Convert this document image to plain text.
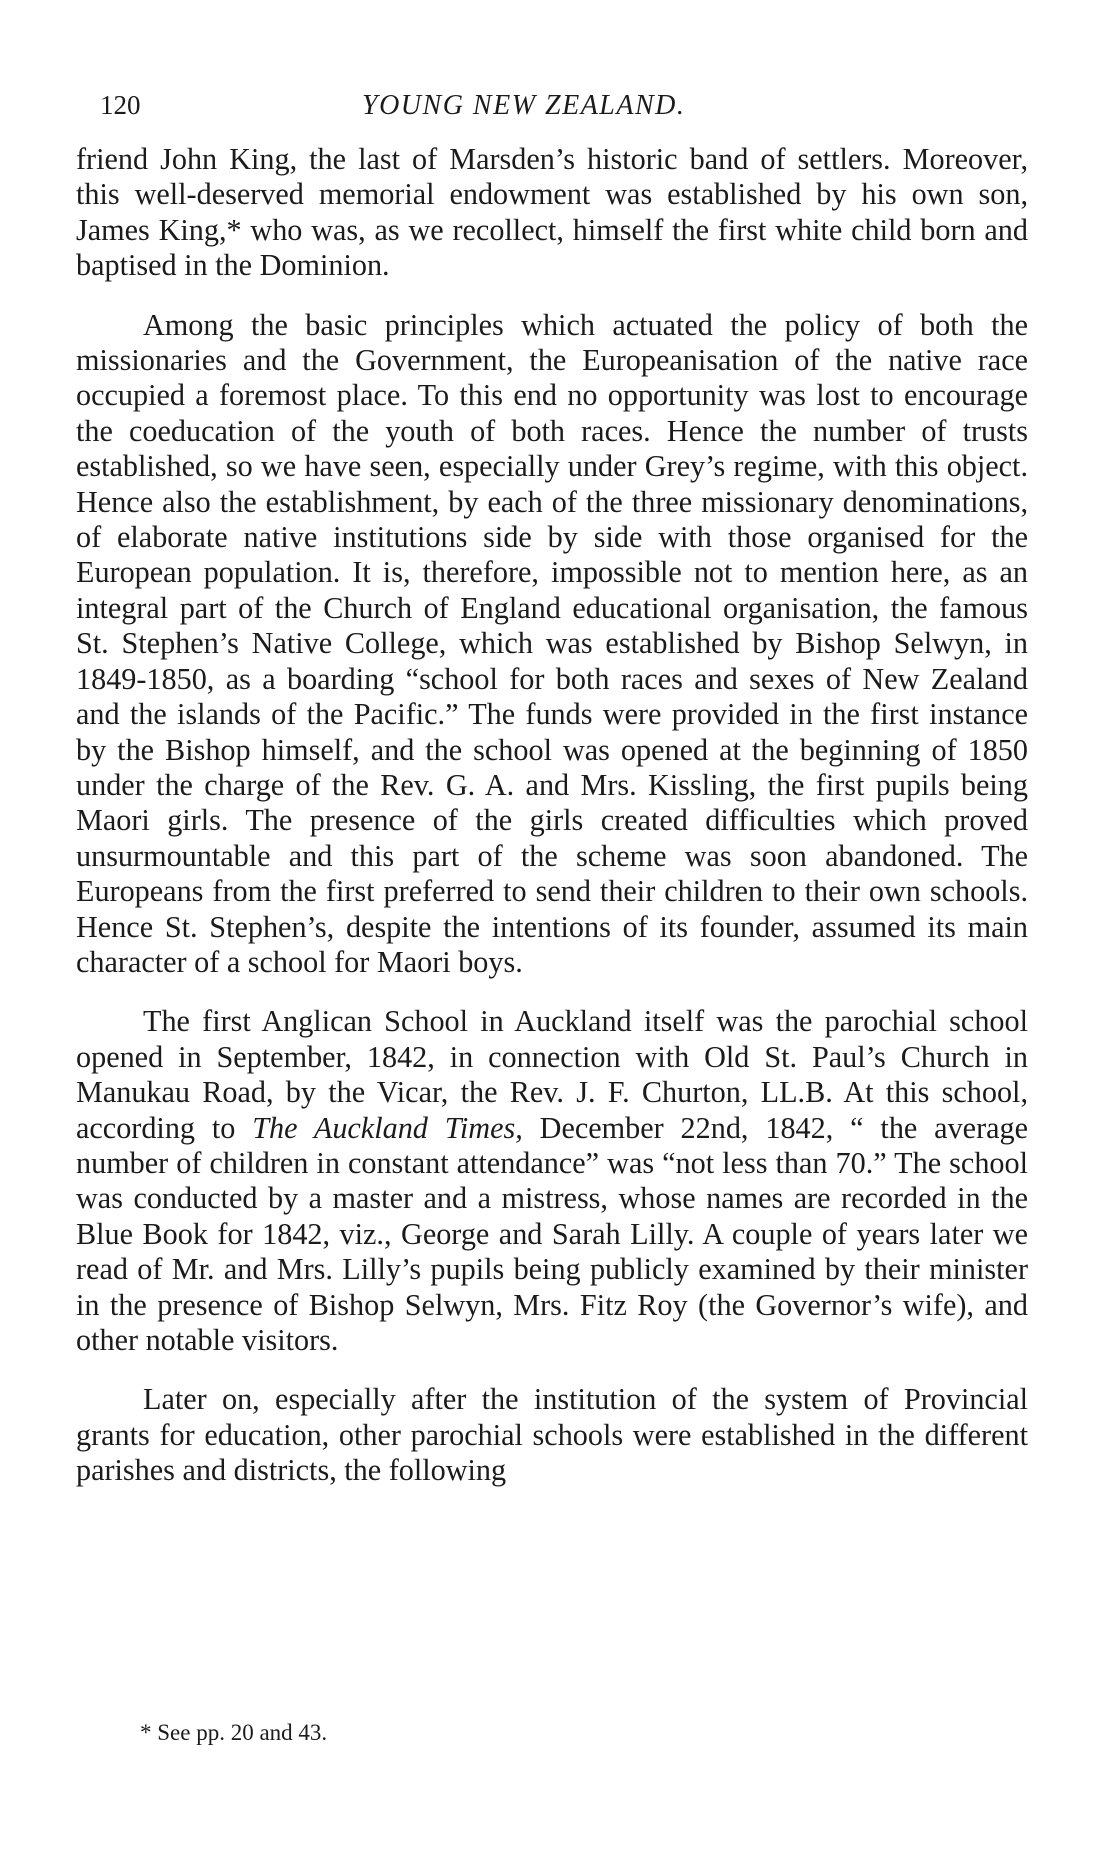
120	YOUNG NEW ZEALAND.

friend John King, the last of Marsden’s historic band of settlers. Moreover, this well-deserved memorial endowment was established by his own son, James King,* who was, as we recollect, himself the first white child born and baptised in the Dominion.

Among the basic principles which actuated the policy of both the missionaries and the Government, the Europeanisation of the native race occupied a foremost place. To this end no opportunity was lost to encourage the coeducation of the youth of both races. Hence the number of trusts established, so we have seen, especially under Grey’s regime, with this object. Hence also the establishment, by each of the three missionary denominations, of elaborate native institutions side by side with those organised for the European population. It is, therefore, impossible not to mention here, as an integral part of the Church of England educational organisation, the famous St. Stephen’s Native College, which was established by Bishop Selwyn, in 1849-1850, as a boarding “school for both races and sexes of New Zealand and the islands of the Pacific.” The funds were provided in the first instance by the Bishop himself, and the school was opened at the beginning of 1850 under the charge of the Rev. G. A. and Mrs. Kissling, the first pupils being Maori girls. The presence of the girls created difficulties which proved unsurmountable and this part of the scheme was soon abandoned. The Europeans from the first preferred to send their children to their own schools. Hence St. Stephen’s, despite the intentions of its founder, assumed its main character of a school for Maori boys.

The first Anglican School in Auckland itself was the parochial school opened in September, 1842, in connection with Old St. Paul’s Church in Manukau Road, by the Vicar, the Rev. J. F. Churton, LL.B. At this school, according to The Auckland Times, December 22nd, 1842, “ the average number of children in constant attendance” was “not less than 70.” The school was conducted by a master and a mistress, whose names are recorded in the Blue Book for 1842, viz., George and Sarah Lilly. A couple of years later we read of Mr. and Mrs. Lilly’s pupils being publicly examined by their minister in the presence of Bishop Selwyn, Mrs. Fitz Roy (the Governor’s wife), and other notable visitors.

Later on, especially after the institution of the system of Provincial grants for education, other parochial schools were established in the different parishes and districts, the following

* See pp. 20 and 43.
